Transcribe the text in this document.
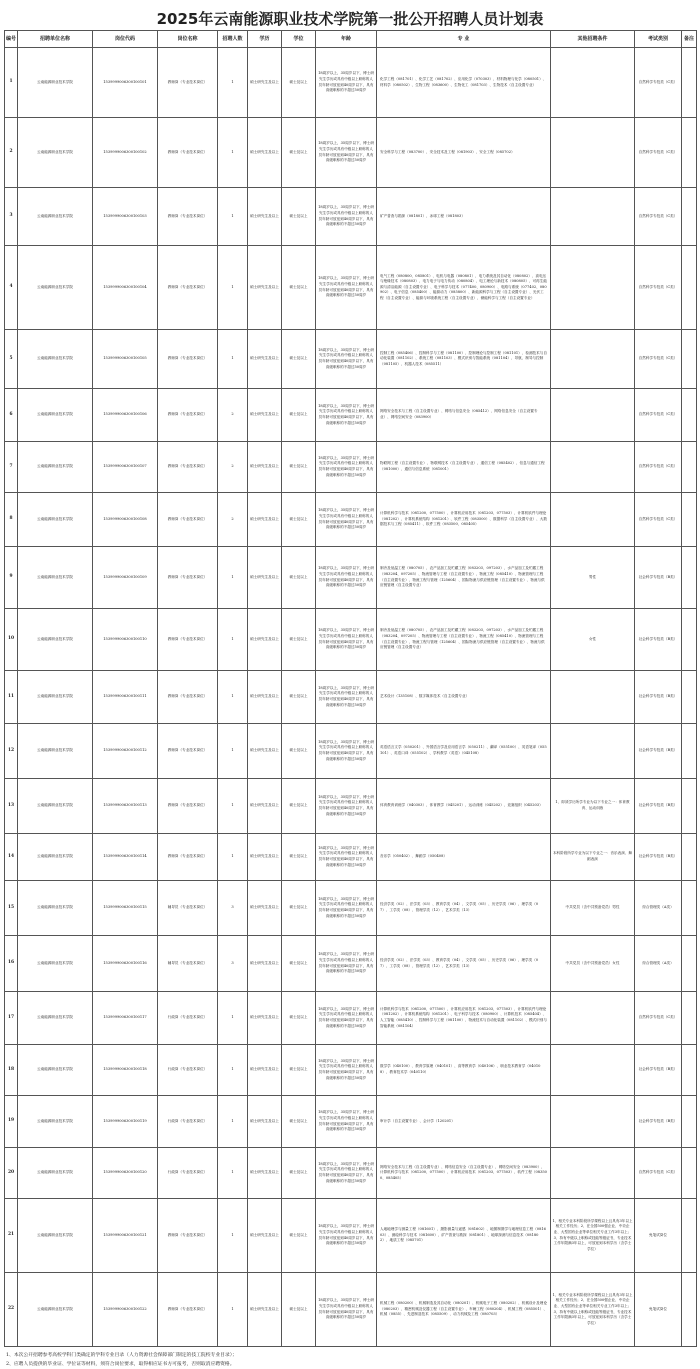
2025年云南能源职业技术学院第一批公开招聘人员计划表
编号	招聘单位名称	岗位代码	岗位名称	招聘人数	学历	学位	年龄	专 业	其他招聘条件	考试类别	备注
1	云南能源职业技术学院	1539999006300100101	教师岗（专业技术岗位）	1	硕士研究生及以上	硕士及以上	18周岁以上，35周岁以下，博士研究生学历或具有中级以上职称的人员年龄可放宽到40周岁以下，具有高级职称的不超过50周岁	化学工程（081701）、化学工艺（081702）、应用化学（070303）、材料物理与化学（080501）、材料学（080502）、生物工程（083600）、生物化工（081703）、生物技术（自主设置专业）		自然科学专技类（C类）	
2	云南能源职业技术学院	1539999006300100102	教师岗（专业技术岗位）	1	硕士研究生及以上	硕士及以上	18周岁以上，35周岁以下，博士研究生学历或具有中级以上职称的人员年龄可放宽到40周岁以下，具有高级职称的不超过50周岁	安全科学与工程（083700）、安全技术及工程（081903）、安全工程（085702）		自然科学专技类（C类）	
3	云南能源职业技术学院	1539999006300100103	教师岗（专业技术岗位）	1	硕士研究生及以上	硕士及以上	18周岁以上，35周岁以下，博士研究生学历或具有中级以上职称的人员年龄可放宽到40周岁以下，具有高级职称的不超过50周岁	矿产普查与勘探（081801）、冰球工程（081803）		自然科学专技类（C类）	
4	云南能源职业技术学院	1539999006300100104	教师岗（专业技术岗位）	1	硕士研究生及以上	硕士及以上	18周岁以上，35周岁以下，博士研究生学历或具有中级以上职称的人员年龄可放宽到40周岁以下，具有高级职称的不超过50周岁	电气工程（080800、085801）、电机与电器（080801）、电力系统及其自动化（080802）、高电压与绝缘技术（080803）、电力电子与电力传动（080804）、电工理论与新技术（080805）、可再生能源与清洁能源（自主设置专业）、电子科学与技术（077400、080900）、电路与系统（077402、080902）、电子信息（085400）、能源动力（085800）、新能源科学与工程（自主设置专业）、光伏工程（自主设置专业）、能源与环境系统工程（自主设置专业）、储能科学与工程（自主设置专业）		自然科学专技类（C类）	
5	云南能源职业技术学院	1539999006300100105	教师岗（专业技术岗位）	1	硕士研究生及以上	硕士及以上	18周岁以上，35周岁以下，博士研究生学历或具有中级以上职称的人员年龄可放宽到40周岁以下，具有高级职称的不超过50周岁	控制工程（085406）、控制科学与工程（081100）、控制理论与控制工程（081101）、检测技术与自动化装置（081102）、系统工程（081103）、模式识别与智能系统（081104）、导航、制导与控制（081105）、机器人技术（085511）		自然科学专技类（C类）	
6	云南能源职业技术学院	1539999006300100106	教师岗（专业技术岗位）	2	硕士研究生及以上	硕士及以上	18周岁以上，35周岁以下，博士研究生学历或具有中级以上职称的人员年龄可放宽到40周岁以下，具有高级职称的不超过50周岁	网络安全技术与工程（自主设置专业）、网络与信息安全（085412）、网络信息安全（自主设置专业）、网络空间安全（083900）		自然科学专技类（C类）	
7	云南能源职业技术学院	1539999006300100107	教师岗（专业技术岗位）	2	硕士研究生及以上	硕士及以上	18周岁以上，35周岁以下，博士研究生学历或具有中级以上职称的人员年龄可放宽到40周岁以下，具有高级职称的不超过50周岁	物联网工程（自主设置专业）、物联网技术（自主设置专业）、通信工程（085402）、信息与通信工程（081000）、通信与信息系统（081001）		自然科学专技类（C类）	
8	云南能源职业技术学院	1539999006300100108	教师岗（专业技术岗位）	2	硕士研究生及以上	硕士及以上	18周岁以上，35周岁以下，博士研究生学历或具有中级以上职称的人员年龄可放宽到40周岁以下，具有高级职称的不超过50周岁	计算机科学与技术（081200、077500）、计算机应用技术（081203、077503）、计算机软件与理论（081202）、计算机系统结构（081201）、软件工程（083500）、数据科学（自主设置专业）、大数据技术与工程（085411）、软件工程（083500、085405）		自然科学专技类（C类）	
9	云南能源职业技术学院	1539999006300100109	教师岗（专业技术岗位）	1	硕士研究生及以上	硕士及以上	18周岁以上，35周岁以下，博士研究生学历或具有中级以上职称的人员年龄可放宽到40周岁以下，具有高级职称的不超过50周岁	制冷及低温工程（080705）、农产品加工及贮藏工程（083203、097203）、水产品加工及贮藏工程（083204、097205）、物流管理与工程（自主设置专业）、物流工程（085410）、物流管理与工程（自主设置专业）、物流工程与管理（125604）、国际物流与供应链管理（自主设置专业）、物流与供应链管理（自主设置专业）	男性	社会科学专技类（B类）	
10	云南能源职业技术学院	1539999006300100110	教师岗（专业技术岗位）	1	硕士研究生及以上	硕士及以上	18周岁以上，35周岁以下，博士研究生学历或具有中级以上职称的人员年龄可放宽到40周岁以下，具有高级职称的不超过50周岁	制冷及低温工程（080705）、农产品加工及贮藏工程（083203、097203）、水产品加工及贮藏工程（083204、097205）、物流管理与工程（自主设置专业）、物流工程（085410）、物流管理与工程（自主设置专业）、物流工程与管理（125604）、国际物流与供应链管理（自主设置专业）、物流与供应链管理（自主设置专业）	女性	社会科学专技类（B类）	
11	云南能源职业技术学院	1539999006300100111	教师岗（专业技术岗位）	1	硕士研究生及以上	硕士及以上	18周岁以上，35周岁以下，博士研究生学历或具有中级以上职称的人员年龄可放宽到40周岁以下，具有高级职称的不超过50周岁	艺术设计（135108）、数字媒体技术（自主设置专业）		社会科学专技类（B类）	
12	云南能源职业技术学院	1539999006300100112	教师岗（专业技术岗位）	1	硕士研究生及以上	硕士及以上	18周岁以上，35周岁以下，博士研究生学历或具有中级以上职称的人员年龄可放宽到40周岁以下，具有高级职称的不超过50周岁	英语语言文学（050201）、外国语言学及应用语言学（050211）、翻译（055100）、英语笔译（055101）、英语口译（055102）、学科教学（英语）（045108）		社会科学专技类（B类）	
13	云南能源职业技术学院	1539999006300100113	教师岗（专业技术岗位）	1	硕士研究生及以上	硕士及以上	18周岁以上，35周岁以下，博士研究生学历或具有中级以上职称的人员年龄可放宽到40周岁以下，具有高级职称的不超过50周岁	体育教育训练学（040303）、体育教学（045201）、运动训练（045202）、竞赛组织（045203）	1、即须学历所学专业为以下专业之一：体育教育、运动训练	社会科学专技类（B类）	
14	云南能源职业技术学院	1539999006300100114	教师岗（专业技术岗位）	1	硕士研究生及以上	硕士及以上	18周岁以上，35周岁以下，博士研究生学历或具有中级以上职称的人员年龄可放宽到40周岁以下，具有高级职称的不超过50周岁	音乐学（050402）、舞蹈学（050408）	本科阶段所学专业为以下专业之一：音乐表演、舞蹈表演	社会科学专技类（B类）	
15	云南能源职业技术学院	1539999006300100115	辅导员（专业技术岗位）	3	硕士研究生及以上	硕士及以上	18周岁以上，35周岁以下，博士研究生学历或具有中级以上职称的人员年龄可放宽到40周岁以下，具有高级职称的不超过50周岁	经济学类（02）、法学类（03）、教育学类（04）、文学类（05）、历史学类（06）、理学类（07）、工学类（08）、管理学类（12）、艺术学类（13）	中共党员（含中共预备党员）男性	综合管理类（A类）	
16	云南能源职业技术学院	1539999006300100116	辅导员（专业技术岗位）	3	硕士研究生及以上	硕士及以上	18周岁以上，35周岁以下，博士研究生学历或具有中级以上职称的人员年龄可放宽到40周岁以下，具有高级职称的不超过50周岁	经济学类（02）、法学类（03）、教育学类（04）、文学类（05）、历史学类（06）、理学类（07）、工学类（08）、管理学类（12）、艺术学类（13）	中共党员（含中共预备党员）女性	综合管理类（A类）	
17	云南能源职业技术学院	1539999006300100117	行政岗（专业技术岗位）	1	硕士研究生及以上	硕士及以上	18周岁以上，35周岁以下，博士研究生学历或具有中级以上职称的人员年龄可放宽到40周岁以下，具有高级职称的不超过50周岁	计算机科学与技术（081200、077500）、计算机应用技术（081203、077503）、计算机软件与理论（081202）、计算机系统结构（081201）、电子科学与技术（080900）、计算机技术（085404）、人工智能（085410）、控制科学与工程（081100）、物流技术与自动化装置（081102）、模式识别与智能系统（081104）		自然科学专技类（C类）	
18	云南能源职业技术学院	1539999006300100118	行政岗（专业技术岗位）	1	硕士研究生及以上	硕士及以上	18周岁以上，35周岁以下，博士研究生学历或具有中级以上职称的人员年龄可放宽到40周岁以下，具有高级职称的不超过50周岁	数学学（040100）、教育学原理（040101）、高等教育学（040106）、职业技术教育学（040108）、教育技术学（040110）		社会科学专技类（B类）	
19	云南能源职业技术学院	1539999006300100119	行政岗（专业技术岗位）	1	硕士研究生及以上	硕士及以上	18周岁以上，35周岁以下，博士研究生学历或具有中级以上职称的人员年龄可放宽到40周岁以下，具有高级职称的不超过50周岁	审计学（自主设置专业）、会计学（120201）		社会科学专技类（B类）	
20	云南能源职业技术学院	1539999006300100120	行政岗（专业技术岗位）	1	硕士研究生及以上	硕士及以上	18周岁以上，35周岁以下，博士研究生学历或具有中级以上职称的人员年龄可放宽到40周岁以下，具有高级职称的不超过50周岁	网络安全技术与工程（自主设置专业）、网络信息安全（自主设置专业）、网络空间安全（083900）、计算机科学与技术（081200、077500）、计算机应用技术（081203、077503）、软件工程（083500、085405）		自然科学专技类（C类）	
21	云南能源职业技术学院	1539999006300100121	教师岗（专业技术岗位）	1	硕士研究生及以上	硕士及以上	18周岁以上，35周岁以下，博士研究生学历或具有中级以上职称的人员年龄可放宽到40周岁以下，具有高级职称的不超过50周岁	人地地理学与测量工程（081601）、摄影测量与遥感（081602）、地图制图学与地理信息工程（081603）、测绘科学与技术（081600）、矿产普查与勘探（081801）、地球探测与信息技术（081802）、地质工程（085701）	1、相关专业本科阶段所学课程以上且具有3年以上相关工作经历；2、在全国500强企业、中央企业、大型国有企业等单位相关专业工作3年以上；3、持有中级以上职称或技能等级证书，专业技术工作年限满3年以上，可放宽到本科学历（含学士学位）	免笔试岗位	
22	云南能源职业技术学院	1539999006300100122	教师岗（专业技术岗位）	1	硕士研究生及以上	硕士及以上	18周岁以上，35周岁以下，博士研究生学历或具有中级以上职称的人员年龄可放宽到40周岁以下，具有高级职称的不超过50周岁	机械工程（080200）、机械制造及其自动化（080201）、机械电子工程（080202）、机械设计及理论（080203）、精密机械及仪器工程（自主设置专业）、车辆工程（080204）、机械工程（085501）、机械（0855）、先进制造技术（085509）、动力机械及工程（080703）	1、相关专业本科阶段所学课程以上且具有3年以上相关工作经历；2、在全国500强企业、中央企业、大型国有企业等单位相关专业工作3年以上；3、持有中级以上职称或技能等级证书，专业技术工作年限满3年以上，可放宽到本科学历（含学士学位）	免笔试岗位	
1、本次公开招聘参考高校学科门类确定的学科专业目录（人力资源社会保障部门制定的技工院校专业目录）；
2、应聘人员提供的毕业证、学位证等材料，须符合岗位要求，取得相应证书方可报考，否则取消应聘资格。
